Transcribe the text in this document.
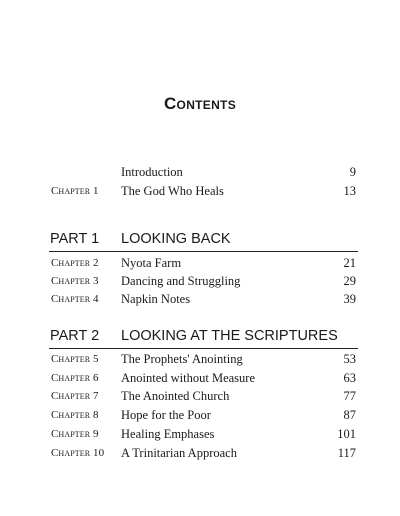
Contents
Introduction	9
Chapter 1 The God Who Heals	13
PART 1 LOOKING BACK
Chapter 2 Nyota Farm	21
Chapter 3 Dancing and Struggling	29
Chapter 4 Napkin Notes	39
PART 2 LOOKING AT THE SCRIPTURES
Chapter 5 The Prophets' Anointing	53
Chapter 6 Anointed without Measure	63
Chapter 7 The Anointed Church	77
Chapter 8 Hope for the Poor	87
Chapter 9 Healing Emphases	101
Chapter 10 A Trinitarian Approach	117
